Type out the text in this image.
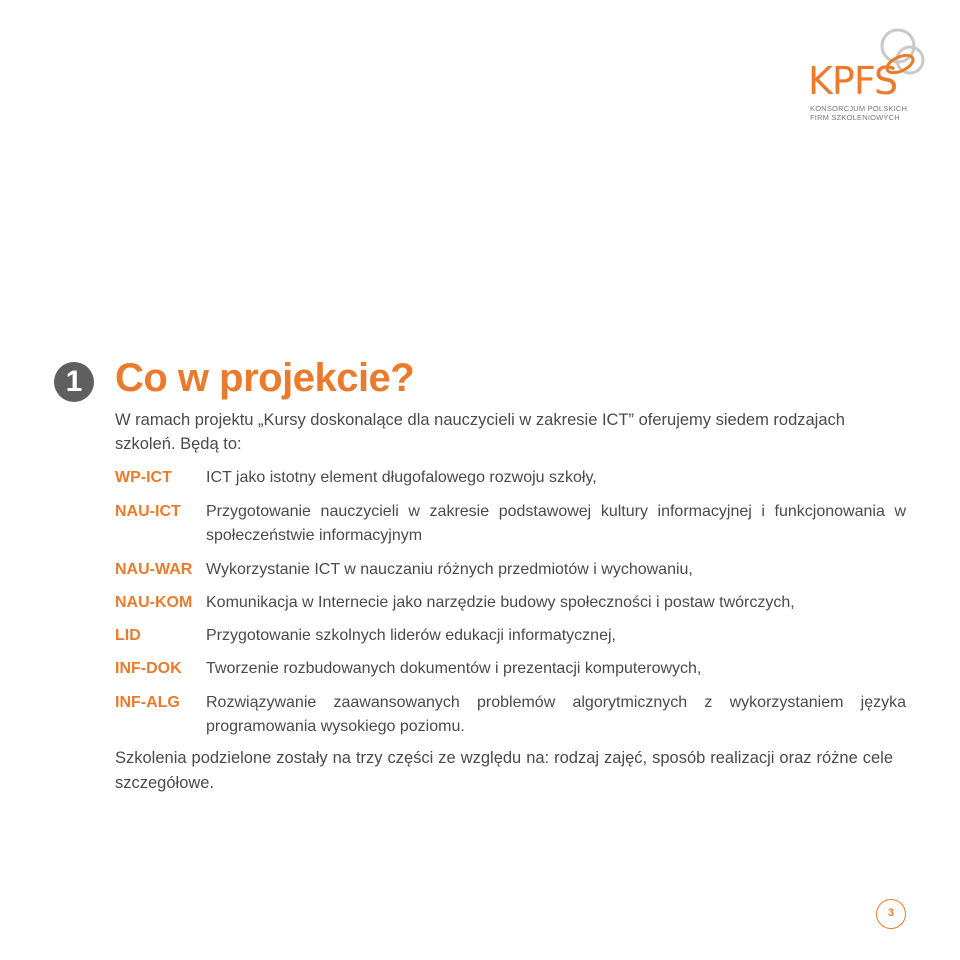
KPFS
KONSORCJUM POLSKICH
FIRM SZKOLENIOWYCH
1 Co w projekcie?

W ramach projektu „Kursy doskonalące dla nauczycieli w zakresie ICT” oferujemy siedem rodzajach szkoleń. Będą to:

WP-ICT ICT jako istotny element długofalowego rozwoju szkoły,
NAU-ICT Przygotowanie nauczycieli w zakresie podstawowej kultury informacyjnej i funkcjonowania w społeczeństwie informacyjnym
NAU-WAR Wykorzystanie ICT w nauczaniu różnych przedmiotów i wychowaniu,
NAU-KOM Komunikacja w Internecie jako narzędzie budowy społeczności i postaw twórczych,
LID	Przygotowanie szkolnych liderów edukacji informatycznej,
INF-DOK Tworzenie rozbudowanych dokumentów i prezentacji komputerowych,
INF-ALG Rozwiązywanie zaawansowanych problemów algorytmicznych z wykorzystaniem języka programowania wysokiego poziomu.

Szkolenia podzielone zostały na trzy części ze względu na: rodzaj zajęć, sposób realizacji oraz różne cele szczegółowe.

3
